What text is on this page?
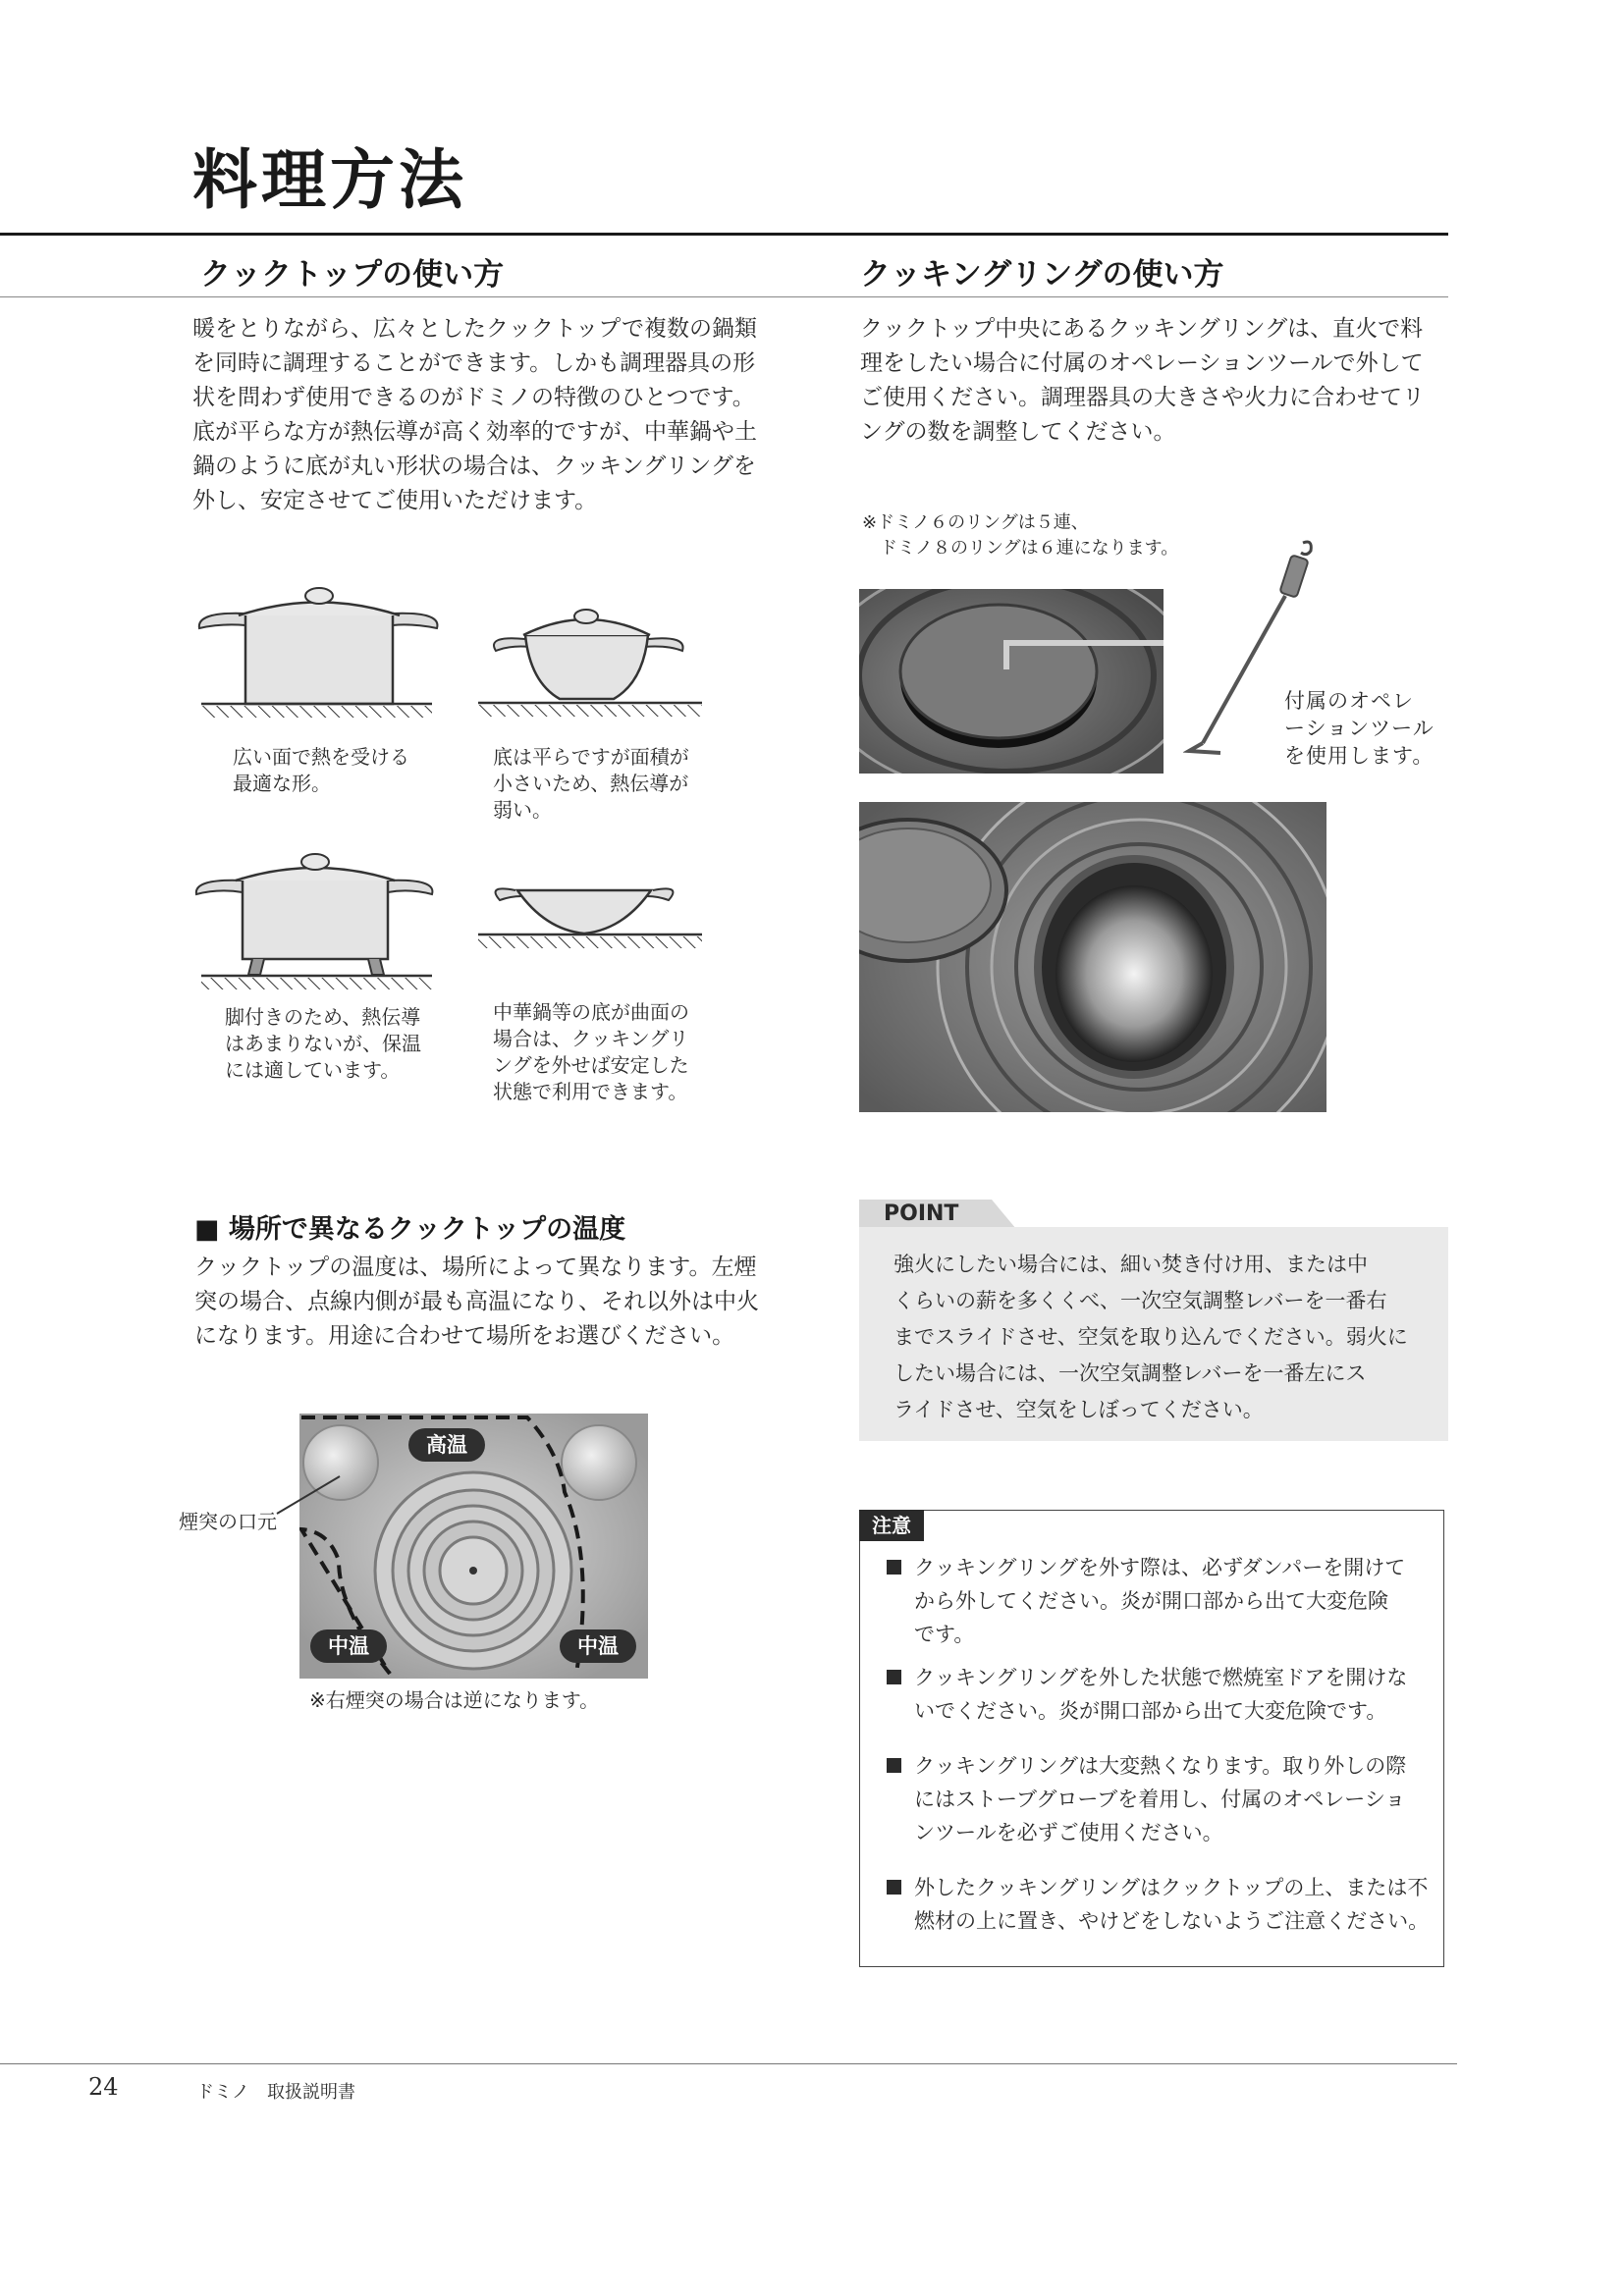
料理方法
クックトップの使い方

暖をとりながら、広々としたクックトップで複数の鍋類

を同時に調理することができます。しかも調理器具の形

状を問わず使用できるのがドミノの特徴のひとつです。

底が平らな方が熱伝導が高く効率的ですが、中華鍋や土

鍋のように底が丸い形状の場合は、クッキングリングを

外し、安定させてご使用いただけます。

広い面で熱を受ける

最適な形。

底は平らですが面積が

小さいため、熱伝導が

弱い。

脚付きのため、熱伝導

はあまりないが、保温

には適しています。

中華鍋等の底が曲面の

場合は、クッキングリ

ングを外せば安定した

状態で利用できます。

■ 場所で異なるクックトップの温度

クックトップの温度は、場所によって異なります。左煙

突の場合、点線内側が最も高温になり、それ以外は中火

になります。用途に合わせて場所をお選びください。

高温
中温	中温
煙突の口元
※右煙突の場合は逆になります。
クッキングリングの使い方

クックトップ中央にあるクッキングリングは、直火で料

理をしたい場合に付属のオペレーションツールで外して

ご使用ください。調理器具の大きさや火力に合わせてリ

ングの数を調整してください。

※ドミノ６のリングは５連、

　ドミノ８のリングは６連になります。

付属のオペレ

ーションツール

を使用します。

POINT

強火にしたい場合には、細い焚き付け用、または中

くらいの薪を多くくべ、一次空気調整レバーを一番右

までスライドさせ、空気を取り込んでください。弱火に

したい場合には、一次空気調整レバーを一番左にス

ライドさせ、空気をしぼってください。

注意

クッキングリングを外す際は、必ずダンパーを開けて

から外してください。炎が開口部から出て大変危険

です。

クッキングリングを外した状態で燃焼室ドアを開けな

いでください。炎が開口部から出て大変危険です。

クッキングリングは大変熱くなります。取り外しの際

にはストーブグローブを着用し、付属のオペレーショ

ンツールを必ずご使用ください。

外したクッキングリングはクックトップの上、または不

燃材の上に置き、やけどをしないようご注意ください。

24	ドミノ　取扱説明書
